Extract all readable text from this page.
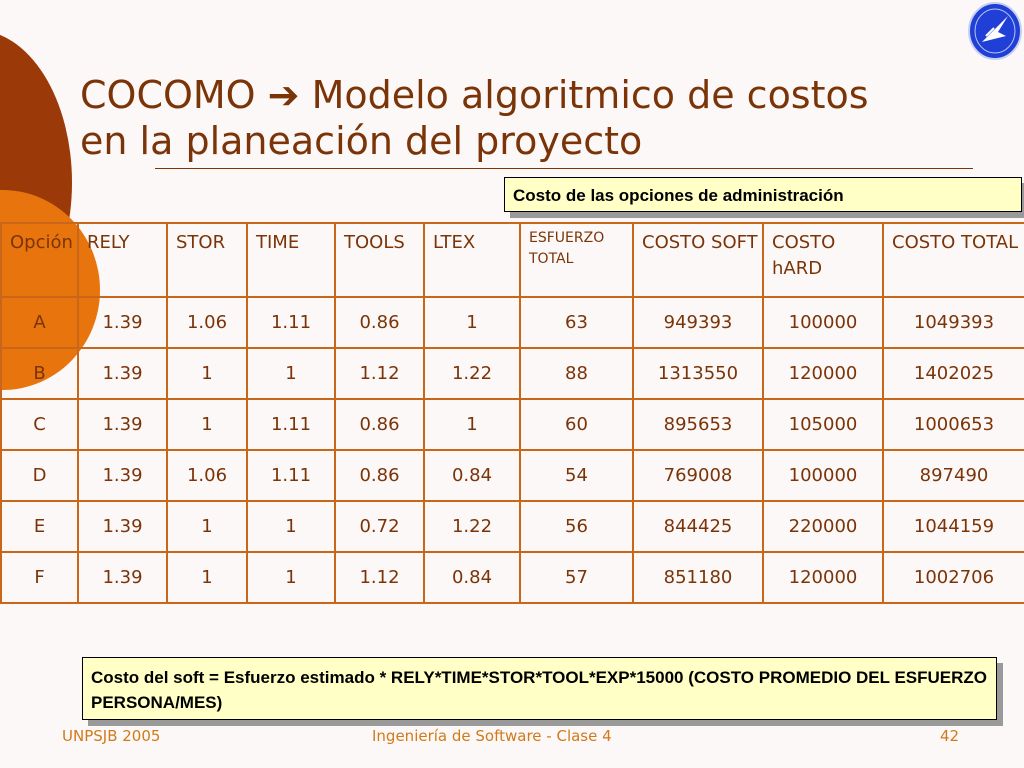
COCOMO ➔ Modelo algoritmico de costos
en la planeación del proyecto
Opción	RELY	STOR	TIME	TOOLS	LTEX	ESFUERZO TOTAL	COSTO SOFT	COSTO hARD	COSTO TOTAL
A	1.39	1.06	1.11	0.86	1	63	949393	100000	1049393
B	1.39	1	1	1.12	1.22	88	1313550	120000	1402025
C	1.39	1	1.11	0.86	1	60	895653	105000	1000653
D	1.39	1.06	1.11	0.86	0.84	54	769008	100000	897490
E	1.39	1	1	0.72	1.22	56	844425	220000	1044159
F	1.39	1	1	1.12	0.84	57	851180	120000	1002706
Costo de las opciones de administración
Costo del soft = Esfuerzo estimado * RELY*TIME*STOR*TOOL*EXP*15000 (COSTO PROMEDIO DEL ESFUERZO PERSONA/MES)
UNPSJB 2005	Ingeniería de Software - Clase 4	42
